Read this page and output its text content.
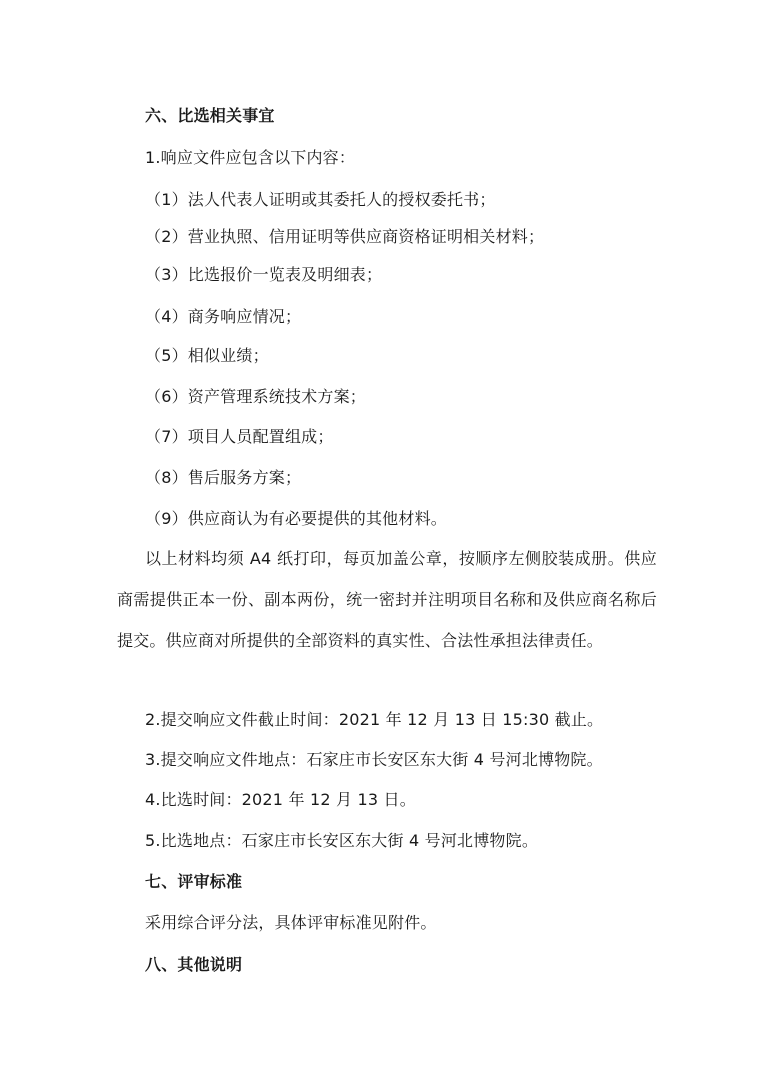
六、比选相关事宜
1.响应文件应包含以下内容：
（1）法人代表人证明或其委托人的授权委托书；
（2）营业执照、信用证明等供应商资格证明相关材料；
（3）比选报价一览表及明细表；
（4）商务响应情况；
（5）相似业绩；
（6）资产管理系统技术方案；
（7）项目人员配置组成；
（8）售后服务方案；
（9）供应商认为有必要提供的其他材料。
以上材料均须 A4 纸打印，每页加盖公章，按顺序左侧胶装成册。供应商需提供正本一份、副本两份，统一密封并注明项目名称和及供应商名称后提交。供应商对所提供的全部资料的真实性、合法性承担法律责任。
2.提交响应文件截止时间：2021 年 12 月 13 日 15:30 截止。
3.提交响应文件地点：石家庄市长安区东大街 4 号河北博物院。
4.比选时间：2021 年 12 月 13 日。
5.比选地点：石家庄市长安区东大街 4 号河北博物院。
七、评审标准
采用综合评分法，具体评审标准见附件。
八、其他说明
